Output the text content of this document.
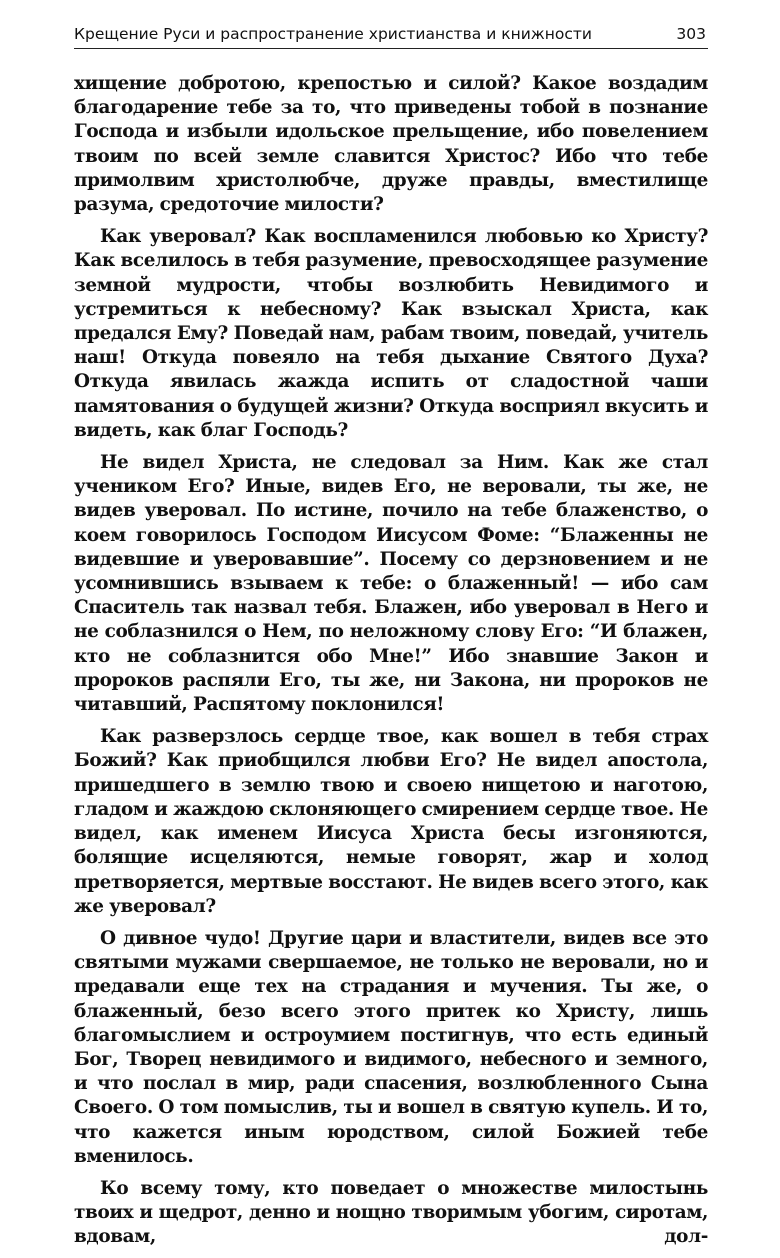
Крещение Руси и распространение христианства и книжности	303

хищение добротою, крепостью и силой? Какое воздадим благодарение тебе за то, что приведены тобой в познание Господа и избыли идольское прельщение, ибо повелением твоим по всей земле славится Христос? Ибо что тебе примолвим христолюбче, друже правды, вместилище разума, средоточие милости?

Как уверовал? Как воспламенился любовью ко Христу? Как вселилось в тебя разумение, превосходящее разумение земной мудрости, чтобы возлюбить Невидимого и устремиться к небесному? Как взыскал Христа, как предался Ему? Поведай нам, рабам твоим, поведай, учитель наш! Откуда повеяло на тебя дыхание Святого Духа? Откуда явилась жажда испить от сладостной чаши памятования о будущей жизни? Откуда восприял вкусить и видеть, как благ Господь?

Не видел Христа, не следовал за Ним. Как же стал учеником Его? Иные, видев Его, не веровали, ты же, не видев уверовал. По истине, почило на тебе блаженство, о коем говорилось Господом Иисусом Фоме: “Блаженны не видевшие и уверовавшие”. Посему со дерзновением и не усомнившись взываем к тебе: о блаженный! — ибо сам Спаситель так назвал тебя. Блажен, ибо уверовал в Него и не соблазнился о Нем, по неложному слову Его: “И блажен, кто не соблазнится обо Мне!” Ибо знавшие Закон и пророков распяли Его, ты же, ни Закона, ни пророков не читавший, Распятому поклонился!

Как разверзлось сердце твое, как вошел в тебя страх Божий? Как приобщился любви Его? Не видел апостола, пришедшего в землю твою и своею нищетою и наготою, гладом и жаждою склоняющего смирением сердце твое. Не видел, как именем Иисуса Христа бесы изгоняются, болящие исцеляются, немые говорят, жар и холод претворяется, мертвые восстают. Не видев всего этого, как же уверовал?

О дивное чудо! Другие цари и властители, видев все это святыми мужами свершаемое, не только не веровали, но и предавали еще тех на страдания и мучения. Ты же, о блаженный, безо всего этого притек ко Христу, лишь благомыслием и остроумием постигнув, что есть единый Бог, Творец невидимого и видимого, небесного и земного, и что послал в мир, ради спасения, возлюбленного Сына Своего. О том помыслив, ты и вошел в святую купель. И то, что кажется иным юродством, силой Божией тебе вменилось.

Ко всему тому, кто поведает о множестве милостынь твоих и щедрот, денно и нощно творимым убогим, сиротам, вдовам, дол-
